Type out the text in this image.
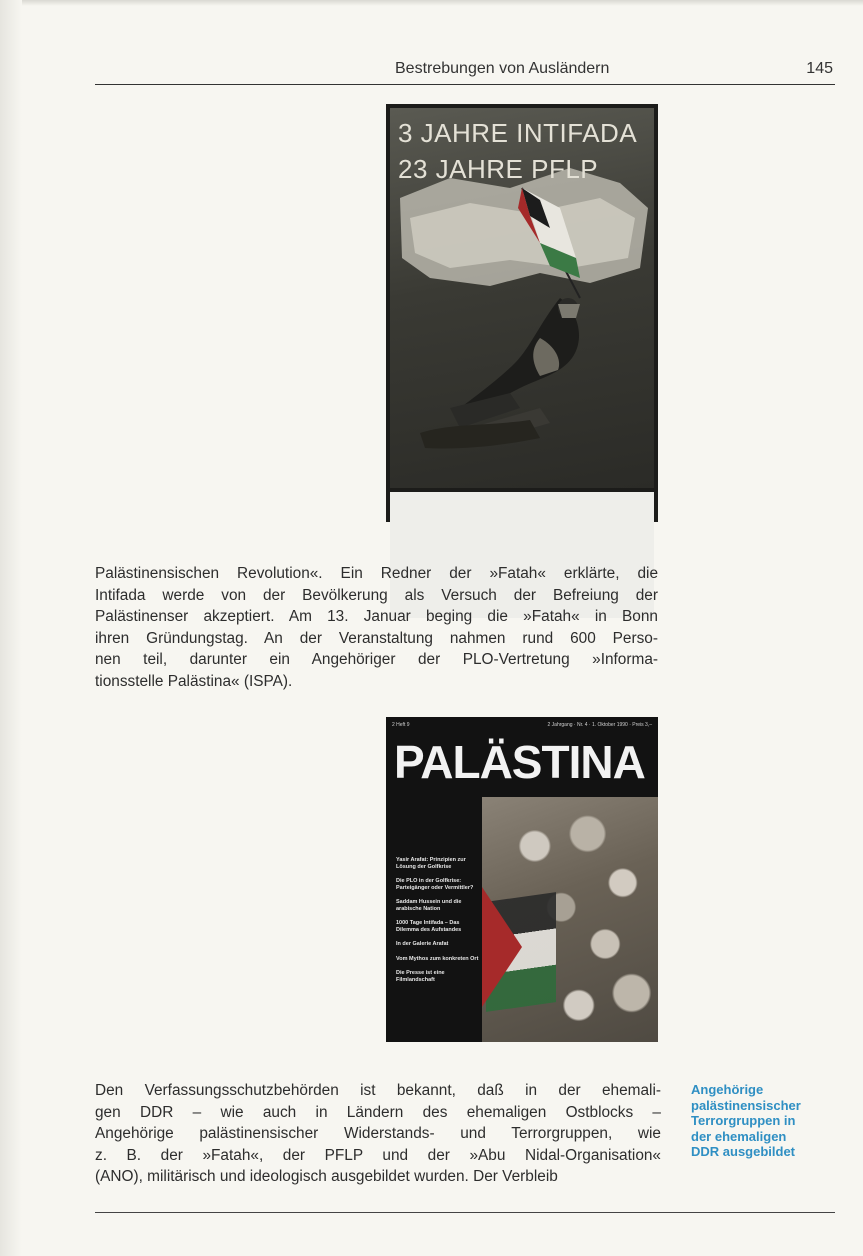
Bestrebungen von Ausländern	145
3 JAHRE INTIFADA
23 JAHRE PFLP
Palästinensischen Revolution«. Ein Redner der »Fatah« erklärte, die
Intifada werde von der Bevölkerung als Versuch der Befreiung der
Palästinenser akzeptiert. Am 13. Januar beging die »Fatah« in Bonn
ihren Gründungstag. An der Veranstaltung nahmen rund 600 Perso-
nen teil, darunter ein Angehöriger der PLO-Vertretung »Informa-
tionsstelle Palästina« (ISPA).
2 Heft 9	2 Jahrgang · Nr. 4 · 1. Oktober 1990 · Preis 3,–
PALÄSTINA
Yasir Arafat: Prinzipien zur Lösung der Golfkrise
Die PLO in der Golfkrise: Parteigänger oder Vermittler?
Saddam Hussein und die arabische Nation
1000 Tage Intifada – Das Dilemma des Aufstandes
In der Galerie Arafat
Vom Mythos zum konkreten Ort
Die Presse ist eine Filmlandschaft
Den Verfassungsschutzbehörden ist bekannt, daß in der ehemali-
gen DDR – wie auch in Ländern des ehemaligen Ostblocks –
Angehörige palästinensischer Widerstands- und Terrorgruppen, wie
z. B. der »Fatah«, der PFLP und der »Abu Nidal-Organisation«
(ANO), militärisch und ideologisch ausgebildet wurden. Der Verbleib
Angehörige
palästinensischer
Terrorgruppen in
der ehemaligen
DDR ausgebildet
